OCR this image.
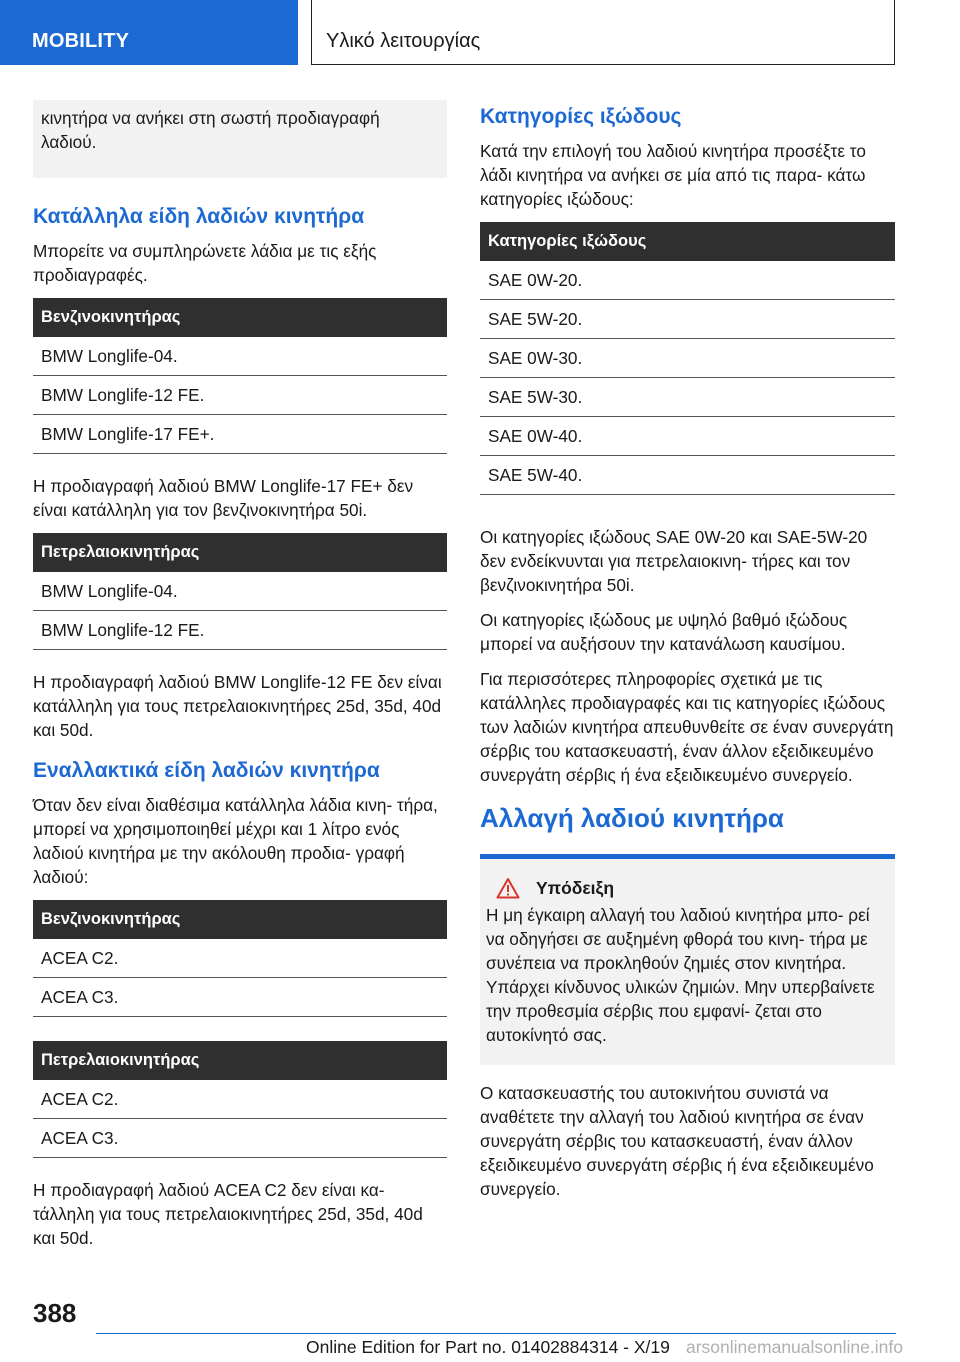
MOBILITY	Υλικό λειτουργίας

κινητήρα να ανήκει στη σωστή προδιαγραφή λαδιού.

Κατάλληλα είδη λαδιών κινητήρα

Μπορείτε να συμπληρώνετε λάδια με τις εξής προδιαγραφές.

Βενζινοκινητήρας
BMW Longlife-04.
BMW Longlife-12 FE.
BMW Longlife-17 FE+.

Η προδιαγραφή λαδιού BMW Longlife-17 FE+ δεν είναι κατάλληλη για τον βενζινοκινητήρα 50i.

Πετρελαιοκινητήρας
BMW Longlife-04.
BMW Longlife-12 FE.

Η προδιαγραφή λαδιού BMW Longlife-12 FE δεν είναι κατάλληλη για τους πετρελαιοκινητήρες 25d, 35d, 40d και 50d.

Εναλλακτικά είδη λαδιών κινητήρα

Όταν δεν είναι διαθέσιμα κατάλληλα λάδια κινη- τήρα, μπορεί να χρησιμοποιηθεί μέχρι και 1 λίτρο ενός λαδιού κινητήρα με την ακόλουθη προδια- γραφή λαδιού:

Βενζινοκινητήρας
ACEA C2.
ACEA C3.
Πετρελαιοκινητήρας
ACEA C2.
ACEA C3.

Η προδιαγραφή λαδιού ACEA C2 δεν είναι κα- τάλληλη για τους πετρελαιοκινητήρες 25d, 35d, 40d και 50d.

Κατηγορίες ιξώδους

Κατά την επιλογή του λαδιού κινητήρα προσέξτε το λάδι κινητήρα να ανήκει σε μία από τις παρα- κάτω κατηγορίες ιξώδους:

Κατηγορίες ιξώδους
SAE 0W-20.
SAE 5W-20.
SAE 0W-30.
SAE 5W-30.
SAE 0W-40.
SAE 5W-40.

Οι κατηγορίες ιξώδους SAE 0W-20 και SAE-5W-20 δεν ενδείκνυνται για πετρελαιοκινη- τήρες και τον βενζινοκινητήρα 50i.

Οι κατηγορίες ιξώδους με υψηλό βαθμό ιξώδους μπορεί να αυξήσουν την κατανάλωση καυσίμου.

Για περισσότερες πληροφορίες σχετικά με τις κατάλληλες προδιαγραφές και τις κατηγορίες ιξώδους των λαδιών κινητήρα απευθυνθείτε σε έναν συνεργάτη σέρβις του κατασκευαστή, έναν άλλον εξειδικευμένο συνεργάτη σέρβις ή ένα εξειδικευμένο συνεργείο.

Αλλαγή λαδιού κινητήρα
Υπόδειξη

Η μη έγκαιρη αλλαγή του λαδιού κινητήρα μπο- ρεί να οδηγήσει σε αυξημένη φθορά του κινη- τήρα με συνέπεια να προκληθούν ζημιές στον κινητήρα. Υπάρχει κίνδυνος υλικών ζημιών. Μην υπερβαίνετε την προθεσμία σέρβις που εμφανί- ζεται στο αυτοκίνητό σας.

Ο κατασκευαστής του αυτοκινήτου συνιστά να αναθέτετε την αλλαγή του λαδιού κινητήρα σε έναν συνεργάτη σέρβις του κατασκευαστή, έναν άλλον εξειδικευμένο συνεργάτη σέρβις ή ένα εξειδικευμένο συνεργείο.

388
Online Edition for Part no. 01402884314 - X/19 arsonlinemanualsonline.info
